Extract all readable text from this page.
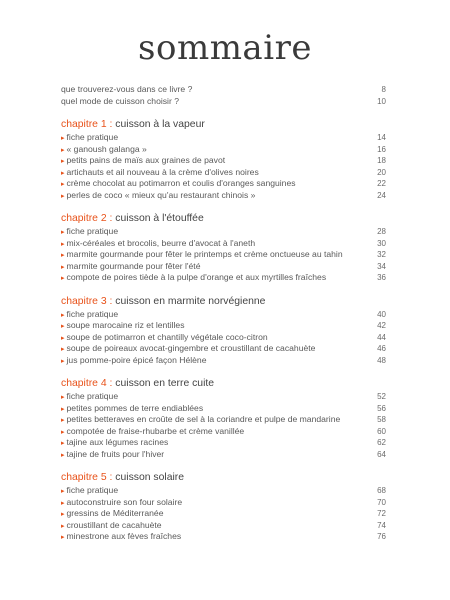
sommaire
que trouverez-vous dans ce livre ?	8
quel mode de cuisson choisir ?	10
chapitre 1 : cuisson à la vapeur
▸ fiche pratique	14
▸ « ganoush galanga »	16
▸ petits pains de maïs aux graines de pavot	18
▸ artichauts et ail nouveau à la crème d'olives noires	20
▸ crème chocolat au potimarron et coulis d'oranges sanguines	22
▸ perles de coco « mieux qu'au restaurant chinois »	24
chapitre 2 : cuisson à l'étouffée
▸ fiche pratique	28
▸ mix-céréales et brocolis, beurre d'avocat à l'aneth	30
▸ marmite gourmande pour fêter le printemps et crème onctueuse au tahin	32
▸ marmite gourmande pour fêter l'été	34
▸ compote de poires tiède à la pulpe d'orange et aux myrtilles fraîches	36
chapitre 3 : cuisson en marmite norvégienne
▸ fiche pratique	40
▸ soupe marocaine riz et lentilles	42
▸ soupe de potimarron et chantilly végétale coco-citron	44
▸ soupe de poireaux avocat-gingembre et croustillant de cacahuète	46
▸ jus pomme-poire épicé façon Hélène	48
chapitre 4 : cuisson en terre cuite
▸ fiche pratique	52
▸ petites pommes de terre endiablées	56
▸ petites betteraves en croûte de sel à la coriandre et pulpe de mandarine	58
▸ compotée de fraise-rhubarbe et crème vanillée	60
▸ tajine aux légumes racines	62
▸ tajine de fruits pour l'hiver	64
chapitre 5 : cuisson solaire
▸ fiche pratique	68
▸ autoconstruire son four solaire	70
▸ gressins de Méditerranée	72
▸ croustillant de cacahuète	74
▸ minestrone aux fèves fraîches	76
